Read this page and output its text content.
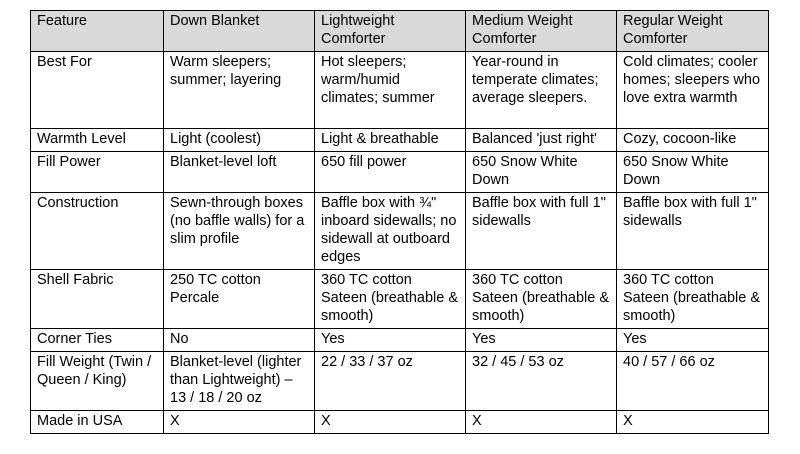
Feature	Down Blanket	Lightweight Comforter	Medium Weight Comforter	Regular Weight Comforter
Best For	Warm sleepers; summer; layering	Hot sleepers; warm/humid climates; summer	Year-round in temperate climates; average sleepers.	Cold climates; cooler homes; sleepers who love extra warmth
Warmth Level	Light (coolest)	Light & breathable	Balanced 'just right'	Cozy, cocoon-like
Fill Power	Blanket-level loft	650 fill power	650 Snow White Down	650 Snow White Down
Construction	Sewn-through boxes (no baffle walls) for a slim profile	Baffle box with ¾" inboard sidewalls; no sidewall at outboard edges	Baffle box with full 1" sidewalls	Baffle box with full 1" sidewalls
Shell Fabric	250 TC cotton Percale	360 TC cotton Sateen (breathable & smooth)	360 TC cotton Sateen (breathable & smooth)	360 TC cotton Sateen (breathable & smooth)
Corner Ties	No	Yes	Yes	Yes
Fill Weight (Twin / Queen / King)	Blanket-level (lighter than Lightweight) – 13 / 18 / 20 oz	22 / 33 / 37 oz	32 / 45 / 53 oz	40 / 57 / 66 oz
Made in USA	X	X	X	X
